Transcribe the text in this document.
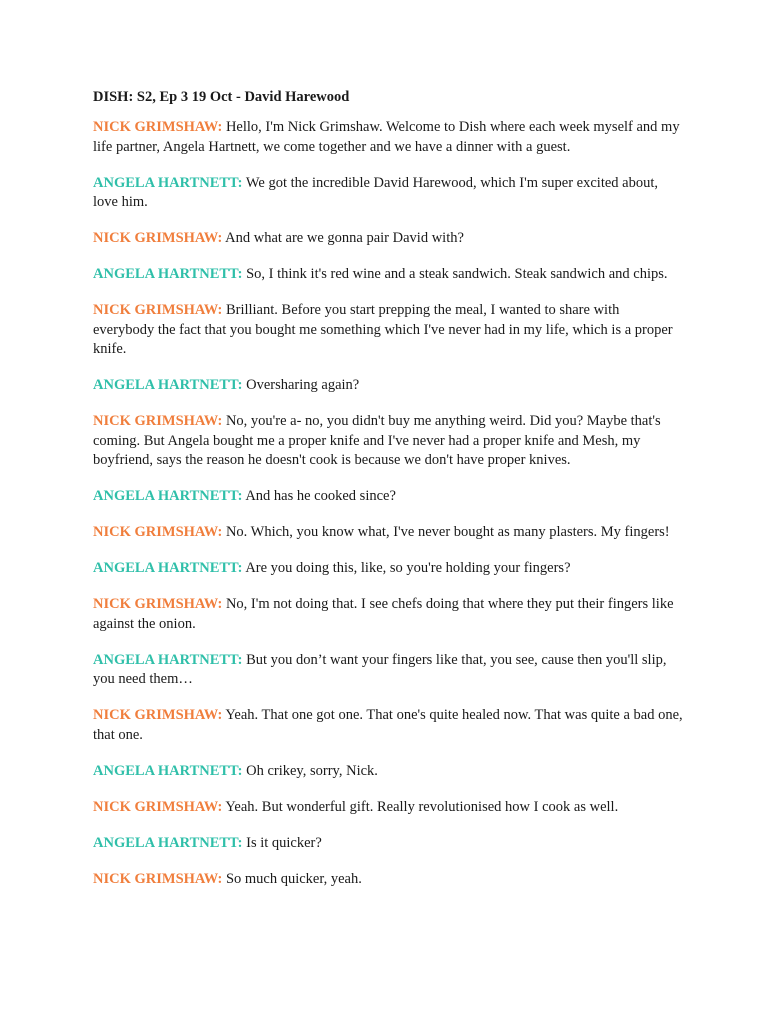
DISH: S2, Ep 3 19 Oct - David Harewood
NICK GRIMSHAW: Hello, I'm Nick Grimshaw. Welcome to Dish where each week myself and my life partner, Angela Hartnett, we come together and we have a dinner with a guest.
ANGELA HARTNETT: We got the incredible David Harewood, which I'm super excited about, love him.
NICK GRIMSHAW: And what are we gonna pair David with?
ANGELA HARTNETT: So, I think it's red wine and a steak sandwich. Steak sandwich and chips.
NICK GRIMSHAW: Brilliant. Before you start prepping the meal, I wanted to share with everybody the fact that you bought me something which I've never had in my life, which is a proper knife.
ANGELA HARTNETT: Oversharing again?
NICK GRIMSHAW: No, you're a- no, you didn't buy me anything weird. Did you? Maybe that's coming. But Angela bought me a proper knife and I've never had a proper knife and Mesh, my boyfriend, says the reason he doesn't cook is because we don't have proper knives.
ANGELA HARTNETT: And has he cooked since?
NICK GRIMSHAW: No. Which, you know what, I've never bought as many plasters. My fingers!
ANGELA HARTNETT: Are you doing this, like, so you're holding your fingers?
NICK GRIMSHAW: No, I'm not doing that. I see chefs doing that where they put their fingers like against the onion.
ANGELA HARTNETT: But you don’t want your fingers like that, you see, cause then you'll slip, you need them…
NICK GRIMSHAW: Yeah. That one got one. That one's quite healed now. That was quite a bad one, that one.
ANGELA HARTNETT: Oh crikey, sorry, Nick.
NICK GRIMSHAW: Yeah. But wonderful gift. Really revolutionised how I cook as well.
ANGELA HARTNETT: Is it quicker?
NICK GRIMSHAW: So much quicker, yeah.
